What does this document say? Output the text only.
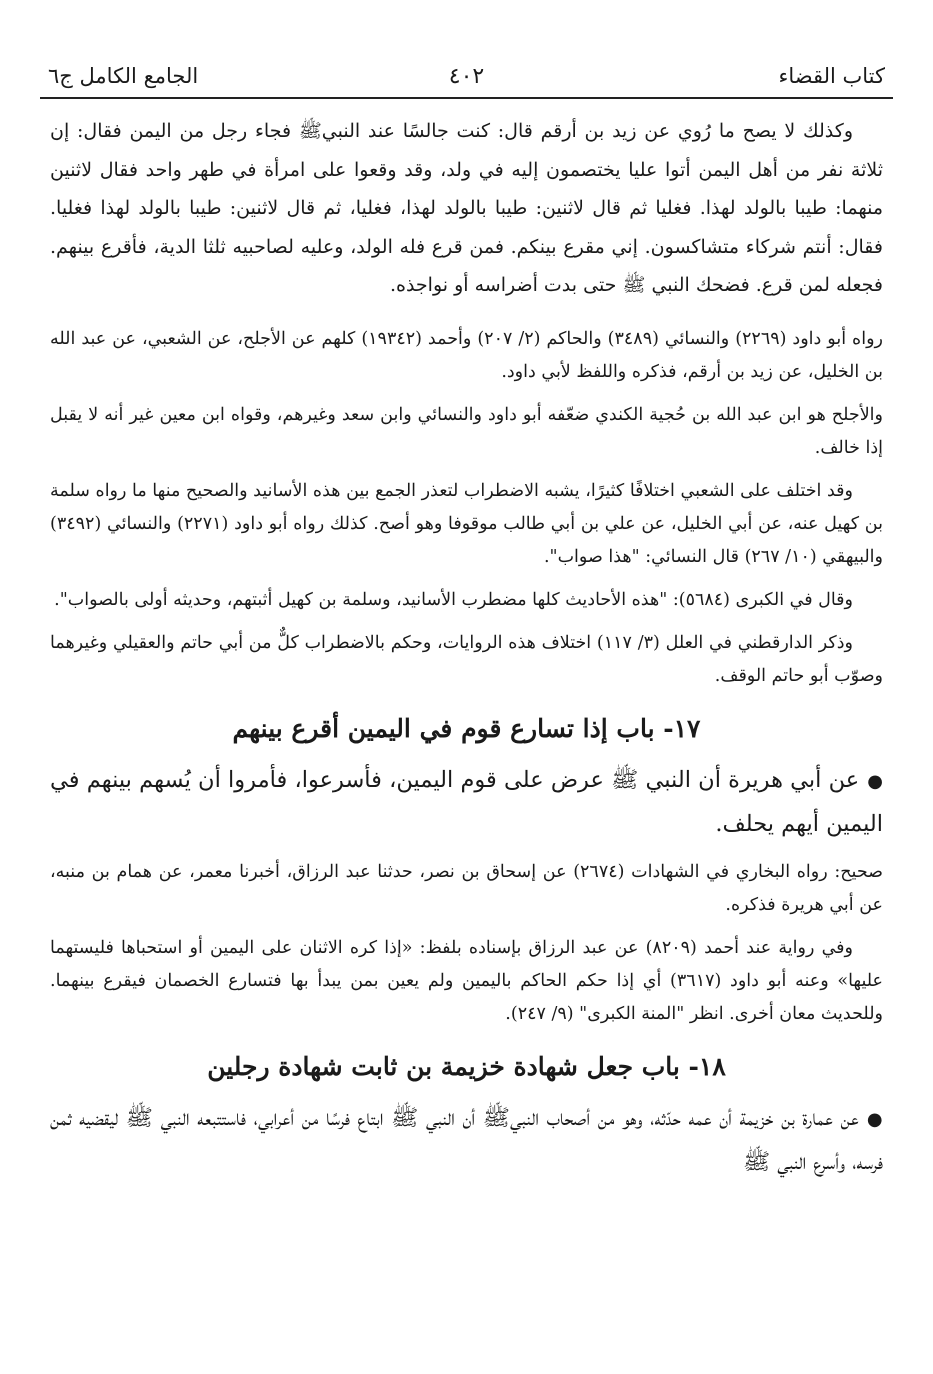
كتاب القضاء
٤٠٢
الجامع الكامل ج٦

وكذلك لا يصح ما رُوي عن زيد بن أرقم قال: كنت جالسًا عند النبيﷺ فجاء رجل من اليمن فقال: إن ثلاثة نفر من أهل اليمن أتوا عليا يختصمون إليه في ولد، وقد وقعوا على امرأة في طهر واحد فقال لاثنين منهما: طيبا بالولد لهذا. فغليا ثم قال لاثنين: طيبا بالولد لهذا، فغليا، ثم قال لاثنين: طيبا بالولد لهذا فغليا. فقال: أنتم شركاء متشاكسون. إني مقرع بينكم. فمن قرع فله الولد، وعليه لصاحبيه ثلثا الدية، فأقرع بينهم. فجعله لمن قرع. فضحك النبي ﷺ حتى بدت أضراسه أو نواجذه.

رواه أبو داود (٢٢٦٩) والنسائي (٣٤٨٩) والحاكم (٢/ ٢٠٧) وأحمد (١٩٣٤٢) كلهم عن الأجلح، عن الشعبي، عن عبد الله بن الخليل، عن زيد بن أرقم، فذكره واللفظ لأبي داود.

والأجلح هو ابن عبد الله بن حُجية الكندي ضعّفه أبو داود والنسائي وابن سعد وغيرهم، وقواه ابن معين غير أنه لا يقبل إذا خالف.

وقد اختلف على الشعبي اختلافًا كثيرًا، يشبه الاضطراب لتعذر الجمع بين هذه الأسانيد والصحيح منها ما رواه سلمة بن كهيل عنه، عن أبي الخليل، عن علي بن أبي طالب موقوفا وهو أصح. كذلك رواه أبو داود (٢٢٧١) والنسائي (٣٤٩٢) والبيهقي (١٠/ ٢٦٧) قال النسائي: "هذا صواب".

وقال في الكبرى (٥٦٨٤): "هذه الأحاديث كلها مضطرب الأسانيد، وسلمة بن كهيل أثبتهم، وحديثه أولى بالصواب".

وذكر الدارقطني في العلل (٣/ ١١٧) اختلاف هذه الروايات، وحكم بالاضطراب كلٌّ من أبي حاتم والعقيلي وغيرهما وصوّب أبو حاتم الوقف.

١٧- باب إذا تسارع قوم في اليمين أقرع بينهم

●عن أبي هريرة أن النبي ﷺ عرض على قوم اليمين، فأسرعوا، فأمروا أن يُسهم بينهم في اليمين أيهم يحلف.

صحيح: رواه البخاري في الشهادات (٢٦٧٤) عن إسحاق بن نصر، حدثنا عبد الرزاق، أخبرنا معمر، عن همام بن منبه، عن أبي هريرة فذكره.

وفي رواية عند أحمد (٨٢٠٩) عن عبد الرزاق بإسناده بلفظ: «إذا كره الاثنان على اليمين أو استحباها فليستهما عليها» وعنه أبو داود (٣٦١٧) أي إذا حكم الحاكم باليمين ولم يعين بمن يبدأ بها فتسارع الخصمان فيقرع بينهما. وللحديث معان أخرى. انظر "المنة الكبرى" (٩/ ٢٤٧).

١٨- باب جعل شهادة خزيمة بن ثابت شهادة رجلين

●عن عمارة بن خزيمة أن عمه حدّثه، وهو من أصحاب النبيﷺ أن النبي ﷺ ابتاع فرسًا من أعرابي، فاستتبعه النبي ﷺ ليقضيه ثمن فرسه، وأسرع النبي ﷺ
